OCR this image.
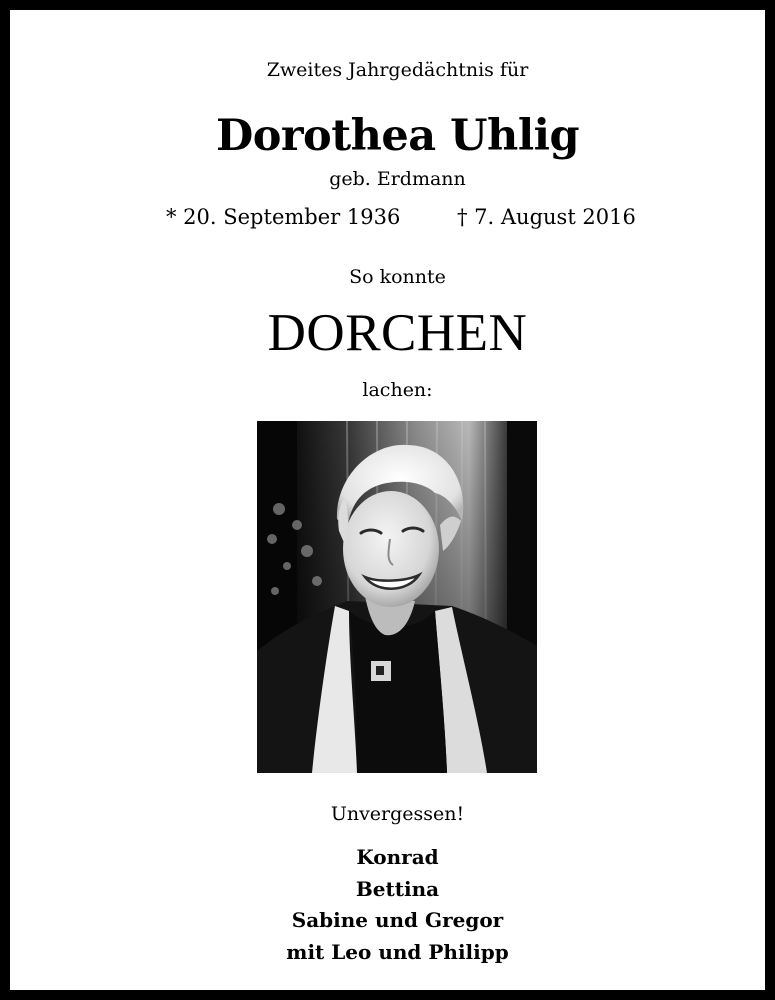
Zweites Jahrgedächtnis für
Dorothea Uhlig
geb. Erdmann
* 20. September 1936	† 7. August 2016
So konnte
DORCHEN
lachen:
Unvergessen!
Konrad
Bettina
Sabine und Gregor
mit Leo und Philipp
